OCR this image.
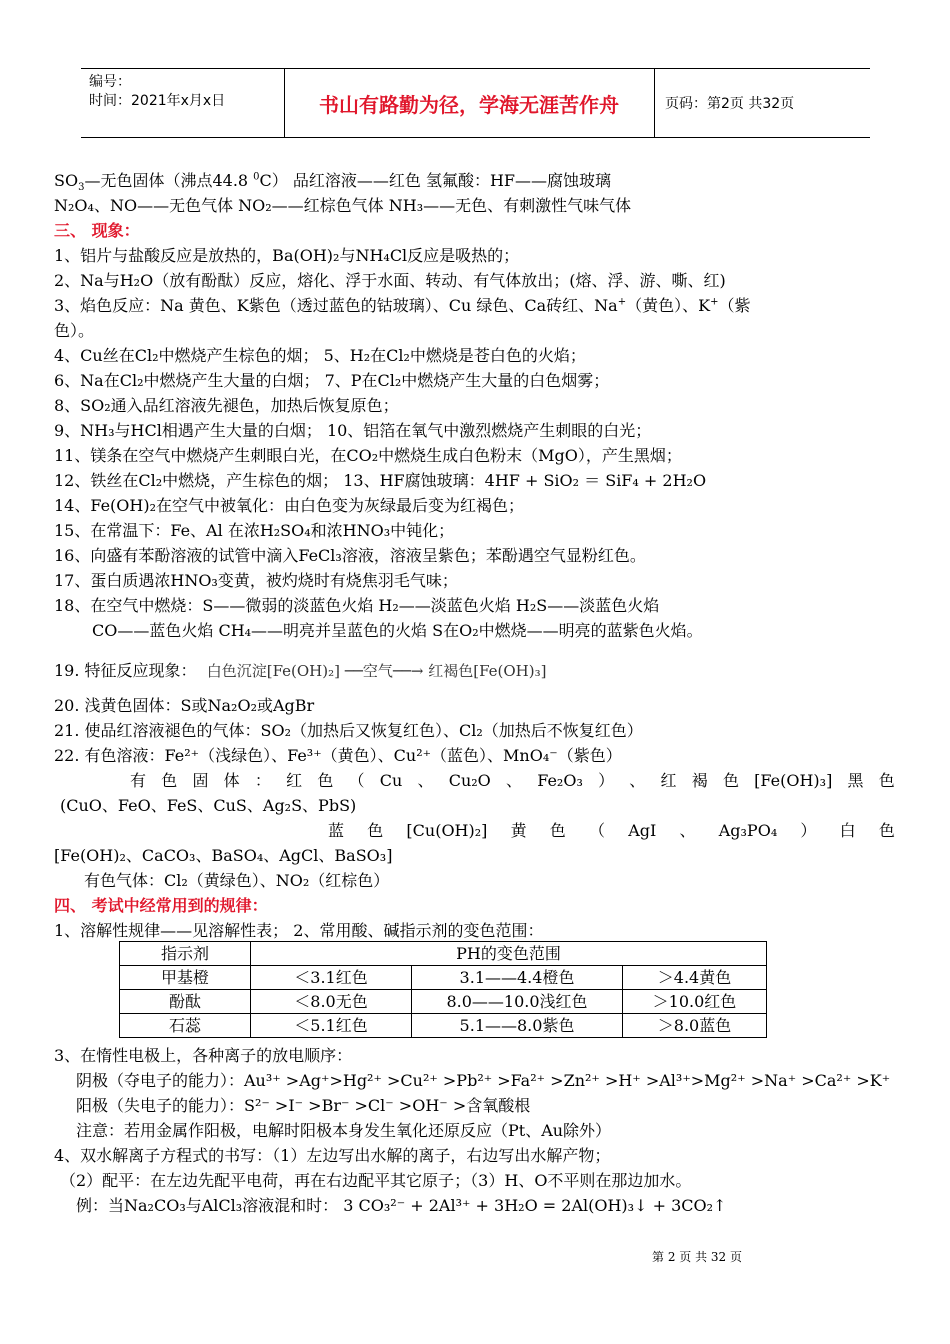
编号：
时间：2021年x月x日	书山有路勤为径，学海无涯苦作舟	页码：第2页 共32页
$SO_3—$无色固体（沸点44.8 $^0$C） 品红溶液——红色 氢氟酸：HF——腐蚀玻璃
N₂O₄、NO——无色气体 NO₂——红棕色气体 NH₃——无色、有刺激性气味气体
三、 现象：
1、铝片与盐酸反应是放热的，Ba(OH)₂与NH₄Cl反应是吸热的；
2、Na与H₂O（放有酚酞）反应，熔化、浮于水面、转动、有气体放出；(熔、浮、游、嘶、红)
3、焰色反应：Na 黄色、K紫色（透过蓝色的钴玻璃）、Cu 绿色、Ca砖红、Na+（黄色）、K+（紫
色）。
4、Cu丝在Cl₂中燃烧产生棕色的烟； 5、H₂在Cl₂中燃烧是苍白色的火焰；
6、Na在Cl₂中燃烧产生大量的白烟； 7、P在Cl₂中燃烧产生大量的白色烟雾；
8、SO₂通入品红溶液先褪色，加热后恢复原色；
9、NH₃与HCl相遇产生大量的白烟； 10、铝箔在氧气中激烈燃烧产生刺眼的白光；
11、镁条在空气中燃烧产生刺眼白光，在CO₂中燃烧生成白色粉末（MgO），产生黑烟；
12、铁丝在Cl₂中燃烧，产生棕色的烟； 13、HF腐蚀玻璃：4HF + SiO₂ ＝ SiF₄ + 2H₂O
14、Fe(OH)₂在空气中被氧化：由白色变为灰绿最后变为红褐色；
15、在常温下：Fe、Al 在浓H₂SO₄和浓HNO₃中钝化；
16、向盛有苯酚溶液的试管中滴入FeCl₃溶液，溶液呈紫色；苯酚遇空气显粉红色。
17、蛋白质遇浓HNO₃变黄，被灼烧时有烧焦羽毛气味；
18、在空气中燃烧：S——微弱的淡蓝色火焰 H₂——淡蓝色火焰 H₂S——淡蓝色火焰
CO——蓝色火焰 CH₄——明亮并呈蓝色的火焰 S在O₂中燃烧——明亮的蓝紫色火焰。
19. 特征反应现象： 白色沉淀[Fe(OH)₂] ──空气──→ 红褐色[Fe(OH)₃]
20. 浅黄色固体：S或Na₂O₂或AgBr
21. 使品红溶液褪色的气体：SO₂（加热后又恢复红色）、Cl₂（加热后不恢复红色）
22. 有色溶液：Fe²⁺（浅绿色）、Fe³⁺（黄色）、Cu²⁺（蓝色）、MnO₄⁻（紫色）
有 色 固 体 ： 红 色 （ Cu 、 Cu₂O 、 Fe₂O₃ ） 、 红 褐 色 [Fe(OH)₃] 黑 色
(CuO、FeO、FeS、CuS、Ag₂S、PbS)
蓝 色 [Cu(OH)₂] 黄 色 （ AgI 、 Ag₃PO₄ ） 白 色
[Fe(OH)₂、CaCO₃、BaSO₄、AgCl、BaSO₃]
有色气体：Cl₂（黄绿色）、NO₂（红棕色）
四、 考试中经常用到的规律：
1、溶解性规律——见溶解性表； 2、常用酸、碱指示剂的变色范围：
指示剂	PH的变色范围		
甲基橙	＜3.1红色	3.1——4.4橙色	＞4.4黄色
酚酞	＜8.0无色	8.0——10.0浅红色	＞10.0红色
石蕊	＜5.1红色	5.1——8.0紫色	＞8.0蓝色
3、在惰性电极上，各种离子的放电顺序：
阴极（夺电子的能力）：Au³⁺ >Ag⁺>Hg²⁺ >Cu²⁺ >Pb²⁺ >Fa²⁺ >Zn²⁺ >H⁺ >Al³⁺>Mg²⁺ >Na⁺ >Ca²⁺ >K⁺
阳极（失电子的能力）：S²⁻ >I⁻ >Br⁻ >Cl⁻ >OH⁻ >含氧酸根
注意：若用金属作阳极，电解时阳极本身发生氧化还原反应（Pt、Au除外）
4、双水解离子方程式的书写：（1）左边写出水解的离子，右边写出水解产物；
（2）配平：在左边先配平电荷，再在右边配平其它原子；（3）H、O不平则在那边加水。
例：当Na₂CO₃与AlCl₃溶液混和时： 3 CO₃²⁻ + 2Al³⁺ + 3H₂O = 2Al(OH)₃↓ + 3CO₂↑
第 2 页 共 32 页
